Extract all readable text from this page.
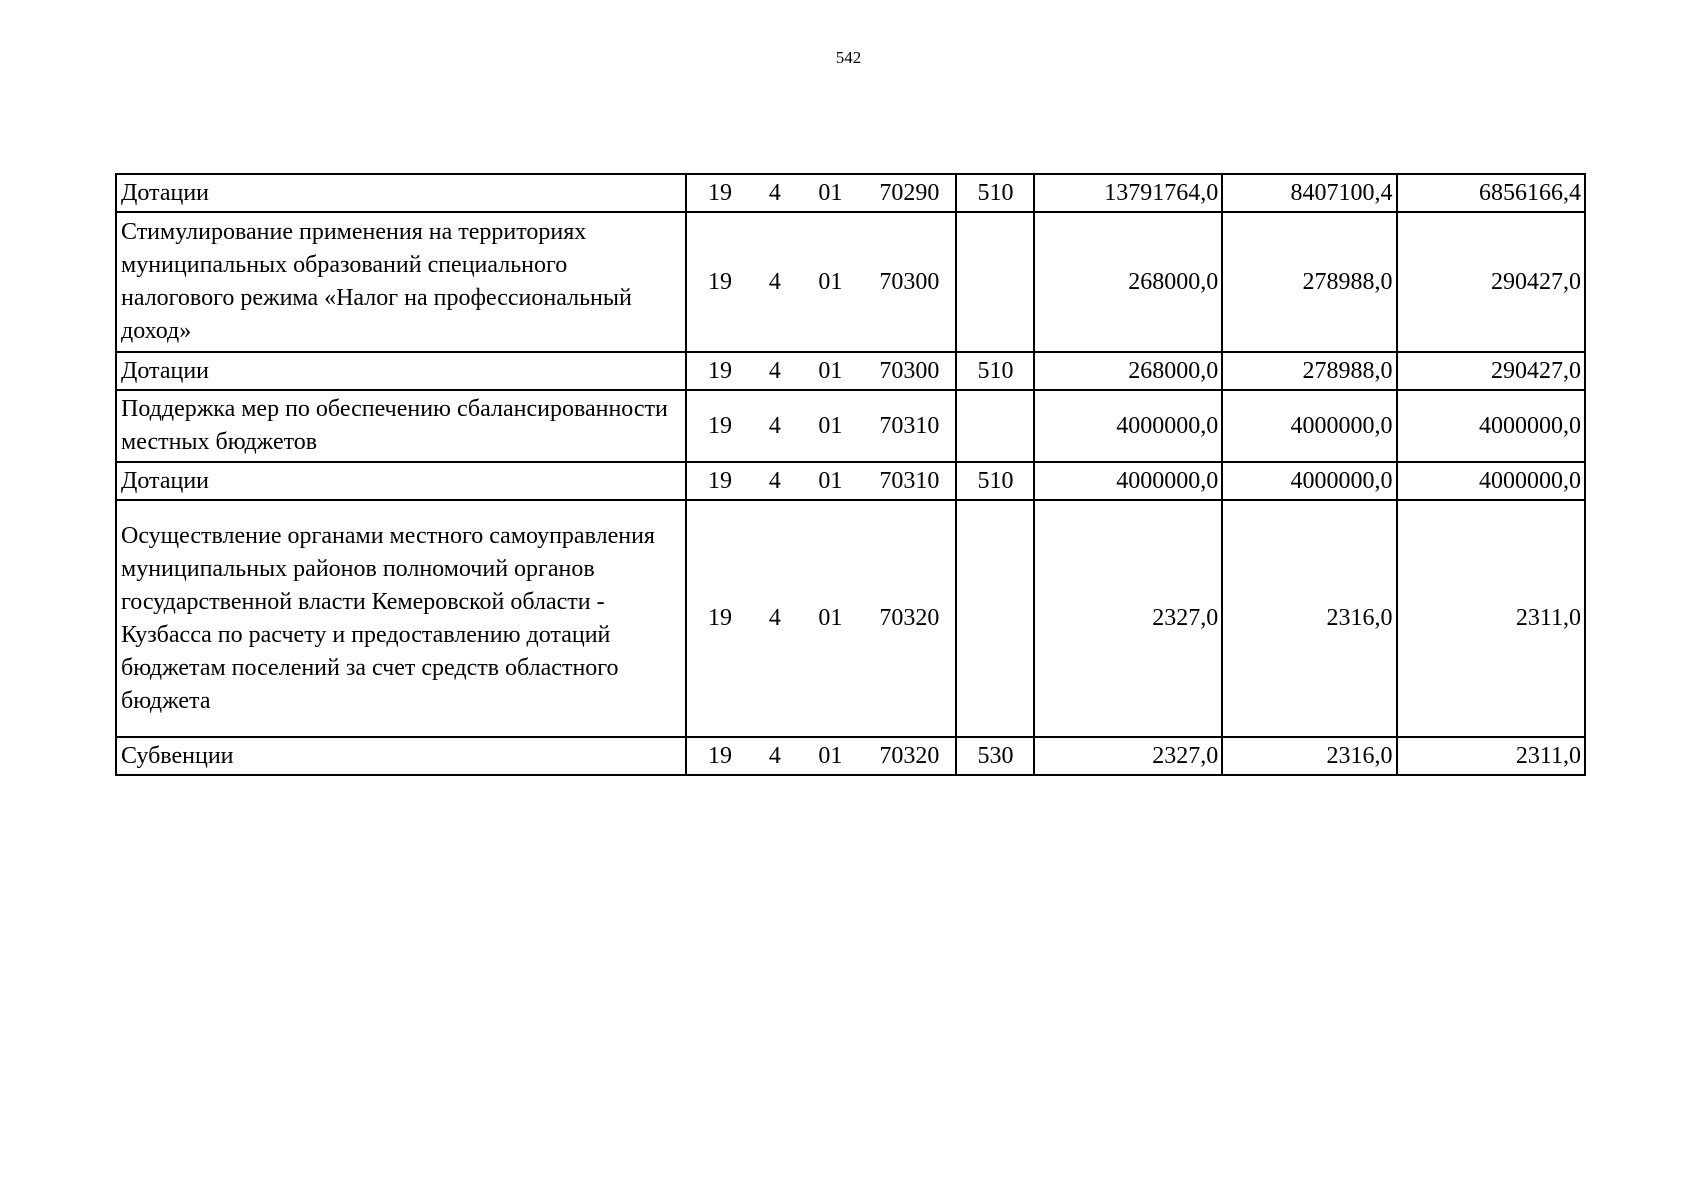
542
Дотации	19	4	01	70290	510	13791764,0	8407100,4	6856166,4
Стимулирование применения на территориях муниципальных образований специального налогового режима «Налог на профессиональный доход»	19	4	01	70300		268000,0	278988,0	290427,0
Дотации	19	4	01	70300	510	268000,0	278988,0	290427,0
Поддержка мер по обеспечению сбалансированности местных бюджетов	19	4	01	70310		4000000,0	4000000,0	4000000,0
Дотации	19	4	01	70310	510	4000000,0	4000000,0	4000000,0
Осуществление органами местного самоуправления муниципальных районов полномочий органов государственной власти Кемеровской области - Кузбасса по расчету и предоставлению дотаций бюджетам поселений за счет средств областного бюджета	19	4	01	70320		2327,0	2316,0	2311,0
Субвенции	19	4	01	70320	530	2327,0	2316,0	2311,0
